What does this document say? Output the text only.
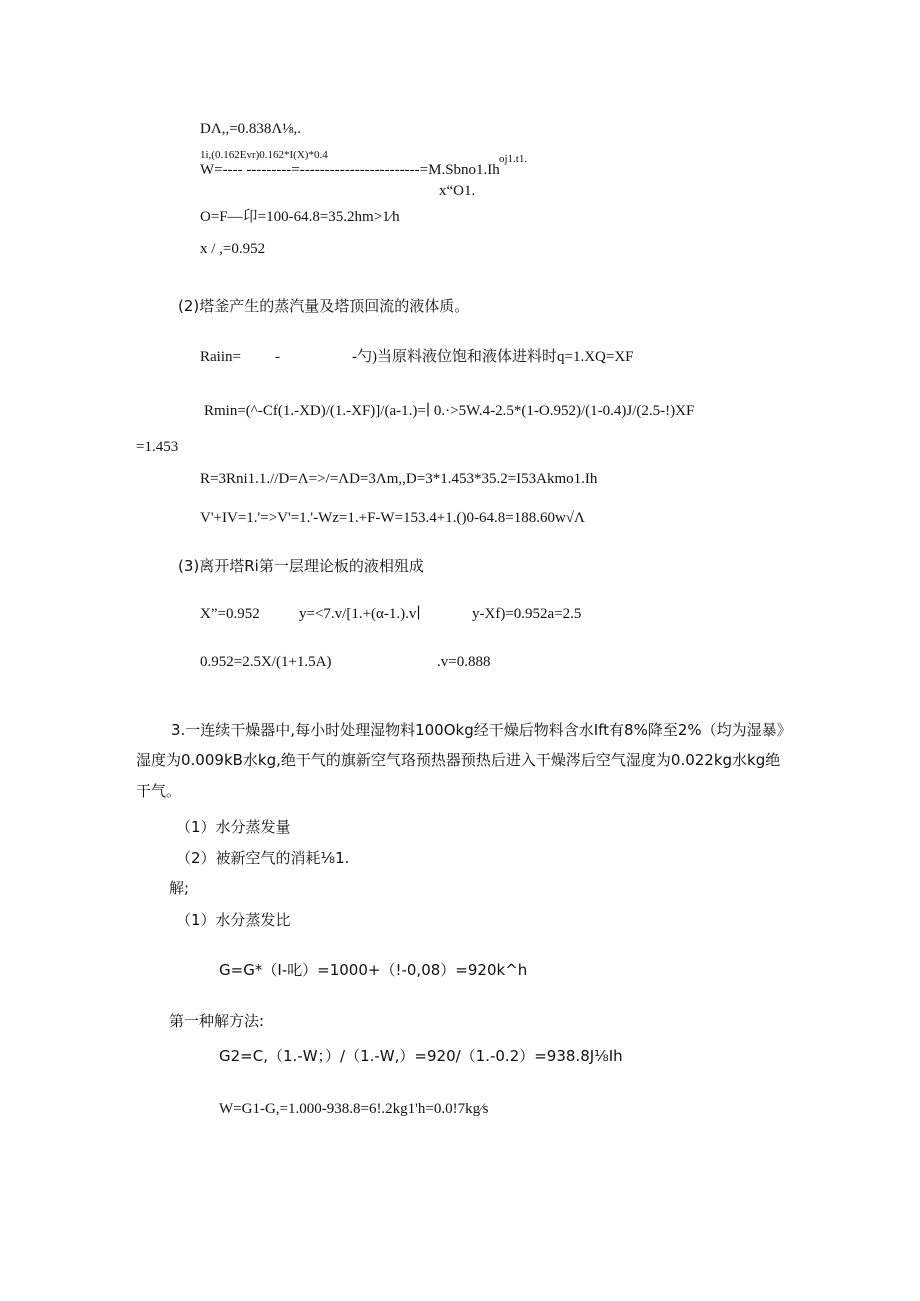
DΛ,,=0.838Λ⅛,.
1i,(0.162Evr)0.162*I(X)*0.4
W=---- ---------=------------------------=M.Sbno1.Ih
oj1.t1.
x“O1.
O=F—卬=100-64.8=35.2hm>1⁄h
x / ,=0.952
(2)塔釜产生的蒸汽量及塔顶回流的液体质。
Raiin= -	-勺)当原料液位饱和液体进料时q=1.XQ=XF
Rmin=(^-Cf(1.-XD)/(1.-XF)]/(a-1.)=∣ 0.·>5W.4-2.5*(1-O.952)/(1-0.4)J/(2.5-!)XF
=1.453
R=3Rni1.1.//D=Λ=>/=ΛD=3Λm,,D=3*1.453*35.2=I53Akmo1.Ih
V'+IV=1.'=>V'=1.'-Wz=1.+F-W=153.4+1.()0-64.8=188.60w√Λ
(3)离开塔Ri第一层理论板的液相殂成
X”=0.952	y=<7.v/[1.+(α-1.).v∣	y-Xf)=0.952a=2.5
0.952=2.5X/(1+1.5A)	.v=0.888
3.一连续干燥器中,每小时处理湿物料100Okg经干燥后物料含水Ift有8%降至2%（均为湿暴》
湿度为0.009kB水kg,绝干气的旗新空气珞预热器预热后进入干燥涔后空气湿度为0.022kg水kg绝
干气。
（1）水分蒸发量
（2）被新空气的消耗⅛1.
解;
（1）水分蒸发比
G=G*（I-叱）=1000+（!-0,08）=920k^h
第一种解方法:
G2=C,（1.-W；）/（1.-W,）=920/（1.-0.2）=938.8J⅛Ih
W=G1-G,=1.000-938.8=6!.2kg1'h=0.0!7kg⁄s
